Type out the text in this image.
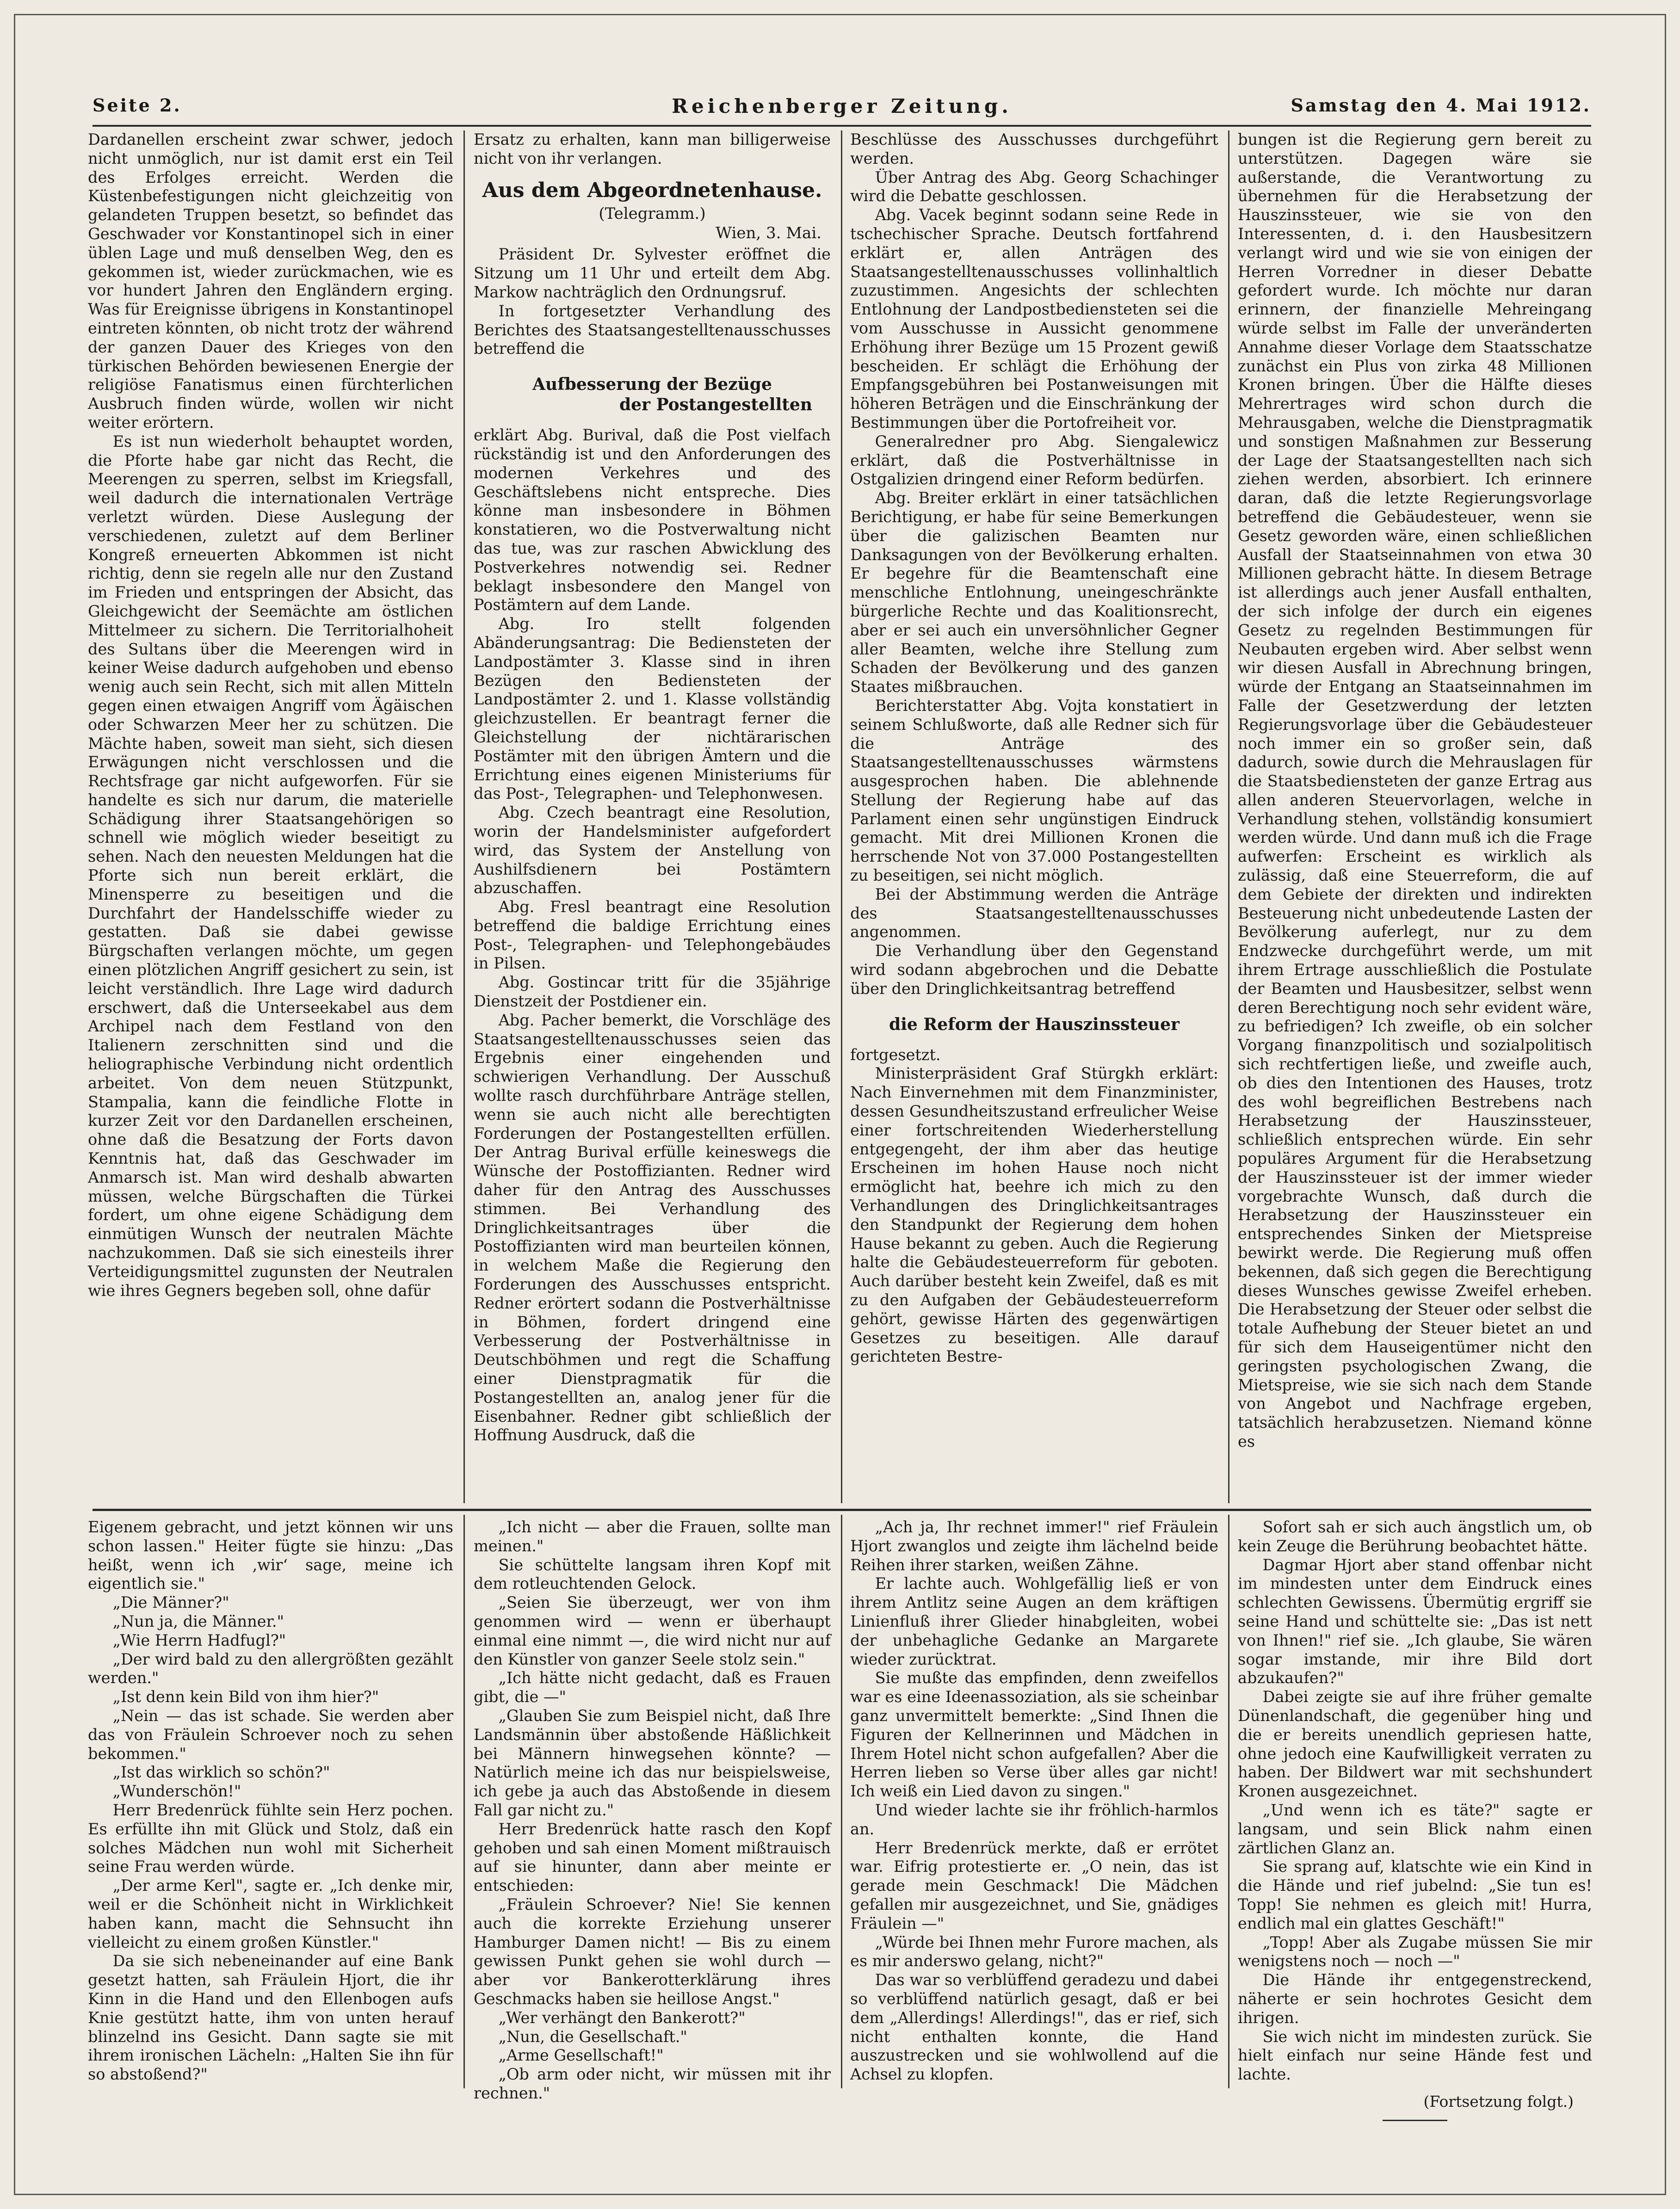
Seite 2.	Reichenberger Zeitung.	Samstag den 4. Mai 1912.

Dardanellen erscheint zwar schwer, jedoch nicht unmöglich, nur ist damit erst ein Teil des Erfolges erreicht. Werden die Küstenbefestigungen nicht gleichzeitig von gelandeten Truppen besetzt, so befindet das Geschwader vor Konstantinopel sich in einer üblen Lage und muß denselben Weg, den es gekommen ist, wieder zurückmachen, wie es vor hundert Jahren den Engländern erging. Was für Ereignisse übrigens in Konstantinopel eintreten könnten, ob nicht trotz der während der ganzen Dauer des Krieges von den türkischen Behörden bewiesenen Energie der religiöse Fanatismus einen fürchterlichen Ausbruch finden würde, wollen wir nicht weiter erörtern.

Es ist nun wiederholt behauptet worden, die Pforte habe gar nicht das Recht, die Meerengen zu sperren, selbst im Kriegsfall, weil dadurch die internationalen Verträge verletzt würden. Diese Auslegung der verschiedenen, zuletzt auf dem Berliner Kongreß erneuerten Abkommen ist nicht richtig, denn sie regeln alle nur den Zustand im Frieden und entspringen der Absicht, das Gleichgewicht der Seemächte am östlichen Mittelmeer zu sichern. Die Territorialhoheit des Sultans über die Meerengen wird in keiner Weise dadurch aufgehoben und ebenso wenig auch sein Recht, sich mit allen Mitteln gegen einen etwaigen Angriff vom Ägäischen oder Schwarzen Meer her zu schützen. Die Mächte haben, soweit man sieht, sich diesen Erwägungen nicht verschlossen und die Rechtsfrage gar nicht aufgeworfen. Für sie handelte es sich nur darum, die materielle Schädigung ihrer Staatsangehörigen so schnell wie möglich wieder beseitigt zu sehen. Nach den neuesten Meldungen hat die Pforte sich nun bereit erklärt, die Minensperre zu beseitigen und die Durchfahrt der Handelsschiffe wieder zu gestatten. Daß sie dabei gewisse Bürgschaften verlangen möchte, um gegen einen plötzlichen Angriff gesichert zu sein, ist leicht verständlich. Ihre Lage wird dadurch erschwert, daß die Unterseekabel aus dem Archipel nach dem Festland von den Italienern zerschnitten sind und die heliographische Verbindung nicht ordentlich arbeitet. Von dem neuen Stützpunkt, Stampalia, kann die feindliche Flotte in kurzer Zeit vor den Dardanellen erscheinen, ohne daß die Besatzung der Forts davon Kenntnis hat, daß das Geschwader im Anmarsch ist. Man wird deshalb abwarten müssen, welche Bürgschaften die Türkei fordert, um ohne eigene Schädigung dem einmütigen Wunsch der neutralen Mächte nachzukommen. Daß sie sich einesteils ihrer Verteidigungsmittel zugunsten der Neutralen wie ihres Gegners begeben soll, ohne dafür

Ersatz zu erhalten, kann man billigerweise nicht von ihr verlangen.

Aus dem Abgeordnetenhause.
(Telegramm.)
Wien, 3. Mai.

Präsident Dr. Sylvester eröffnet die Sitzung um 11 Uhr und erteilt dem Abg. Markow nachträglich den Ordnungsruf.

In fortgesetzter Verhandlung des Berichtes des Staatsangestelltenausschusses betreffend die

Aufbesserung der Bezüge
der Postangestellten

erklärt Abg. Burival, daß die Post vielfach rückständig ist und den Anforderungen des modernen Verkehres und des Geschäftslebens nicht entspreche. Dies könne man insbesondere in Böhmen konstatieren, wo die Postverwaltung nicht das tue, was zur raschen Abwicklung des Postverkehres notwendig sei. Redner beklagt insbesondere den Mangel von Postämtern auf dem Lande.

Abg. Iro stellt folgenden Abänderungsantrag: Die Bediensteten der Landpostämter 3. Klasse sind in ihren Bezügen den Bediensteten der Landpostämter 2. und 1. Klasse vollständig gleichzustellen. Er beantragt ferner die Gleichstellung der nichtärarischen Postämter mit den übrigen Ämtern und die Errichtung eines eigenen Ministeriums für das Post-, Telegraphen- und Telephonwesen.

Abg. Czech beantragt eine Resolution, worin der Handelsminister aufgefordert wird, das System der Anstellung von Aushilfsdienern bei Postämtern abzuschaffen.

Abg. Fresl beantragt eine Resolution betreffend die baldige Errichtung eines Post-, Telegraphen- und Telephongebäudes in Pilsen.

Abg. Gostincar tritt für die 35jährige Dienstzeit der Postdiener ein.

Abg. Pacher bemerkt, die Vorschläge des Staatsangestelltenausschusses seien das Ergebnis einer eingehenden und schwierigen Verhandlung. Der Ausschuß wollte rasch durchführbare Anträge stellen, wenn sie auch nicht alle berechtigten Forderungen der Postangestellten erfüllen. Der Antrag Burival erfülle keineswegs die Wünsche der Postoffizianten. Redner wird daher für den Antrag des Ausschusses stimmen. Bei Verhandlung des Dringlichkeitsantrages über die Postoffizianten wird man beurteilen können, in welchem Maße die Regierung den Forderungen des Ausschusses entspricht. Redner erörtert sodann die Postverhältnisse in Böhmen, fordert dringend eine Verbesserung der Postverhältnisse in Deutschböhmen und regt die Schaffung einer Dienstpragmatik für die Postangestellten an, analog jener für die Eisenbahner. Redner gibt schließlich der Hoffnung Ausdruck, daß die

Beschlüsse des Ausschusses durchgeführt werden.

Über Antrag des Abg. Georg Schachinger wird die Debatte geschlossen.

Abg. Vacek beginnt sodann seine Rede in tschechischer Sprache. Deutsch fortfahrend erklärt er, allen Anträgen des Staatsangestelltenausschusses vollinhaltlich zuzustimmen. Angesichts der schlechten Entlohnung der Landpostbediensteten sei die vom Ausschusse in Aussicht genommene Erhöhung ihrer Bezüge um 15 Prozent gewiß bescheiden. Er schlägt die Erhöhung der Empfangsgebühren bei Postanweisungen mit höheren Beträgen und die Einschränkung der Bestimmungen über die Portofreiheit vor.

Generalredner pro Abg. Siengalewicz erklärt, daß die Postverhältnisse in Ostgalizien dringend einer Reform bedürfen.

Abg. Breiter erklärt in einer tatsächlichen Berichtigung, er habe für seine Bemerkungen über die galizischen Beamten nur Danksagungen von der Bevölkerung erhalten. Er begehre für die Beamtenschaft eine menschliche Entlohnung, uneingeschränkte bürgerliche Rechte und das Koalitionsrecht, aber er sei auch ein unversöhnlicher Gegner aller Beamten, welche ihre Stellung zum Schaden der Bevölkerung und des ganzen Staates mißbrauchen.

Berichterstatter Abg. Vojta konstatiert in seinem Schlußworte, daß alle Redner sich für die Anträge des Staatsangestelltenausschusses wärmstens ausgesprochen haben. Die ablehnende Stellung der Regierung habe auf das Parlament einen sehr ungünstigen Eindruck gemacht. Mit drei Millionen Kronen die herrschende Not von 37.000 Postangestellten zu beseitigen, sei nicht möglich.

Bei der Abstimmung werden die Anträge des Staatsangestelltenausschusses angenommen.

Die Verhandlung über den Gegenstand wird sodann abgebrochen und die Debatte über den Dringlichkeitsantrag betreffend

die Reform der Hauszinssteuer

fortgesetzt.

Ministerpräsident Graf Stürgkh erklärt: Nach Einvernehmen mit dem Finanzminister, dessen Gesundheitszustand erfreulicher Weise einer fortschreitenden Wiederherstellung entgegengeht, der ihm aber das heutige Erscheinen im hohen Hause noch nicht ermöglicht hat, beehre ich mich zu den Verhandlungen des Dringlichkeitsantrages den Standpunkt der Regierung dem hohen Hause bekannt zu geben. Auch die Regierung halte die Gebäudesteuerreform für geboten. Auch darüber besteht kein Zweifel, daß es mit zu den Aufgaben der Gebäudesteuerreform gehört, gewisse Härten des gegenwärtigen Gesetzes zu beseitigen. Alle darauf gerichteten Bestre-

bungen ist die Regierung gern bereit zu unterstützen. Dagegen wäre sie außerstande, die Verantwortung zu übernehmen für die Herabsetzung der Hauszinssteuer, wie sie von den Interessenten, d. i. den Hausbesitzern verlangt wird und wie sie von einigen der Herren Vorredner in dieser Debatte gefordert wurde. Ich möchte nur daran erinnern, der finanzielle Mehreingang würde selbst im Falle der unveränderten Annahme dieser Vorlage dem Staatsschatze zunächst ein Plus von zirka 48 Millionen Kronen bringen. Über die Hälfte dieses Mehrertrages wird schon durch die Mehrausgaben, welche die Dienstpragmatik und sonstigen Maßnahmen zur Besserung der Lage der Staatsangestellten nach sich ziehen werden, absorbiert. Ich erinnere daran, daß die letzte Regierungsvorlage betreffend die Gebäudesteuer, wenn sie Gesetz geworden wäre, einen schließlichen Ausfall der Staatseinnahmen von etwa 30 Millionen gebracht hätte. In diesem Betrage ist allerdings auch jener Ausfall enthalten, der sich infolge der durch ein eigenes Gesetz zu regelnden Bestimmungen für Neubauten ergeben wird. Aber selbst wenn wir diesen Ausfall in Abrechnung bringen, würde der Entgang an Staatseinnahmen im Falle der Gesetzwerdung der letzten Regierungsvorlage über die Gebäudesteuer noch immer ein so großer sein, daß dadurch, sowie durch die Mehrauslagen für die Staatsbediensteten der ganze Ertrag aus allen anderen Steuervorlagen, welche in Verhandlung stehen, vollständig konsumiert werden würde. Und dann muß ich die Frage aufwerfen: Erscheint es wirklich als zulässig, daß eine Steuerreform, die auf dem Gebiete der direkten und indirekten Besteuerung nicht unbedeutende Lasten der Bevölkerung auferlegt, nur zu dem Endzwecke durchgeführt werde, um mit ihrem Ertrage ausschließlich die Postulate der Beamten und Hausbesitzer, selbst wenn deren Berechtigung noch sehr evident wäre, zu befriedigen? Ich zweifle, ob ein solcher Vorgang finanzpolitisch und sozialpolitisch sich rechtfertigen ließe, und zweifle auch, ob dies den Intentionen des Hauses, trotz des wohl begreiflichen Bestrebens nach Herabsetzung der Hauszinssteuer, schließlich entsprechen würde. Ein sehr populäres Argument für die Herabsetzung der Hauszinssteuer ist der immer wieder vorgebrachte Wunsch, daß durch die Herabsetzung der Hauszinssteuer ein entsprechendes Sinken der Mietspreise bewirkt werde. Die Regierung muß offen bekennen, daß sich gegen die Berechtigung dieses Wunsches gewisse Zweifel erheben. Die Herabsetzung der Steuer oder selbst die totale Aufhebung der Steuer bietet an und für sich dem Hauseigentümer nicht den geringsten psychologischen Zwang, die Mietspreise, wie sie sich nach dem Stande von Angebot und Nachfrage ergeben, tatsächlich herabzusetzen. Niemand könne es

Eigenem gebracht, und jetzt können wir uns schon lassen." Heiter fügte sie hinzu: „Das heißt, wenn ich ‚wir‘ sage, meine ich eigentlich sie."

„Die Männer?"

„Nun ja, die Männer."

„Wie Herrn Hadfugl?"

„Der wird bald zu den allergrößten gezählt werden."

„Ist denn kein Bild von ihm hier?"

„Nein — das ist schade. Sie werden aber das von Fräulein Schroever noch zu sehen bekommen."

„Ist das wirklich so schön?"

„Wunderschön!"

Herr Bredenrück fühlte sein Herz pochen. Es erfüllte ihn mit Glück und Stolz, daß ein solches Mädchen nun wohl mit Sicherheit seine Frau werden würde.

„Der arme Kerl", sagte er. „Ich denke mir, weil er die Schönheit nicht in Wirklichkeit haben kann, macht die Sehnsucht ihn vielleicht zu einem großen Künstler."

Da sie sich nebeneinander auf eine Bank gesetzt hatten, sah Fräulein Hjort, die ihr Kinn in die Hand und den Ellenbogen aufs Knie gestützt hatte, ihm von unten herauf blinzelnd ins Gesicht. Dann sagte sie mit ihrem ironischen Lächeln: „Halten Sie ihn für so abstoßend?"

„Ich nicht — aber die Frauen, sollte man meinen."

Sie schüttelte langsam ihren Kopf mit dem rotleuchtenden Gelock.

„Seien Sie überzeugt, wer von ihm genommen wird — wenn er überhaupt einmal eine nimmt —, die wird nicht nur auf den Künstler von ganzer Seele stolz sein."

„Ich hätte nicht gedacht, daß es Frauen gibt, die —"

„Glauben Sie zum Beispiel nicht, daß Ihre Landsmännin über abstoßende Häßlichkeit bei Männern hinwegsehen könnte? — Natürlich meine ich das nur beispielsweise, ich gebe ja auch das Abstoßende in diesem Fall gar nicht zu."

Herr Bredenrück hatte rasch den Kopf gehoben und sah einen Moment mißtrauisch auf sie hinunter, dann aber meinte er entschieden:

„Fräulein Schroever? Nie! Sie kennen auch die korrekte Erziehung unserer Hamburger Damen nicht! — Bis zu einem gewissen Punkt gehen sie wohl durch — aber vor Bankerotterklärung ihres Geschmacks haben sie heillose Angst."

„Wer verhängt den Bankerott?"

„Nun, die Gesellschaft."

„Arme Gesellschaft!"

„Ob arm oder nicht, wir müssen mit ihr rechnen."

„Ach ja, Ihr rechnet immer!" rief Fräulein Hjort zwanglos und zeigte ihm lächelnd beide Reihen ihrer starken, weißen Zähne.

Er lachte auch. Wohlgefällig ließ er von ihrem Antlitz seine Augen an dem kräftigen Linienfluß ihrer Glieder hinabgleiten, wobei der unbehagliche Gedanke an Margarete wieder zurücktrat.

Sie mußte das empfinden, denn zweifellos war es eine Ideenassoziation, als sie scheinbar ganz unvermittelt bemerkte: „Sind Ihnen die Figuren der Kellnerinnen und Mädchen in Ihrem Hotel nicht schon aufgefallen? Aber die Herren lieben so Verse über alles gar nicht! Ich weiß ein Lied davon zu singen."

Und wieder lachte sie ihr fröhlich-harmlos an.

Herr Bredenrück merkte, daß er errötet war. Eifrig protestierte er. „O nein, das ist gerade mein Geschmack! Die Mädchen gefallen mir ausgezeichnet, und Sie, gnädiges Fräulein —"

„Würde bei Ihnen mehr Furore machen, als es mir anderswo gelang, nicht?"

Das war so verblüffend geradezu und dabei so verblüffend natürlich gesagt, daß er bei dem „Allerdings! Allerdings!", das er rief, sich nicht enthalten konnte, die Hand auszustrecken und sie wohlwollend auf die Achsel zu klopfen.

Sofort sah er sich auch ängstlich um, ob kein Zeuge die Berührung beobachtet hätte.

Dagmar Hjort aber stand offenbar nicht im mindesten unter dem Eindruck eines schlechten Gewissens. Übermütig ergriff sie seine Hand und schüttelte sie: „Das ist nett von Ihnen!" rief sie. „Ich glaube, Sie wären sogar imstande, mir ihre Bild dort abzukaufen?"

Dabei zeigte sie auf ihre früher gemalte Dünenlandschaft, die gegenüber hing und die er bereits unendlich gepriesen hatte, ohne jedoch eine Kaufwilligkeit verraten zu haben. Der Bildwert war mit sechshundert Kronen ausgezeichnet.

„Und wenn ich es täte?" sagte er langsam, und sein Blick nahm einen zärtlichen Glanz an.

Sie sprang auf, klatschte wie ein Kind in die Hände und rief jubelnd: „Sie tun es! Topp! Sie nehmen es gleich mit! Hurra, endlich mal ein glattes Geschäft!"

„Topp! Aber als Zugabe müssen Sie mir wenigstens noch — noch —"

Die Hände ihr entgegenstreckend, näherte er sein hochrotes Gesicht dem ihrigen.

Sie wich nicht im mindesten zurück. Sie hielt einfach nur seine Hände fest und lachte.

(Fortsetzung folgt.)
